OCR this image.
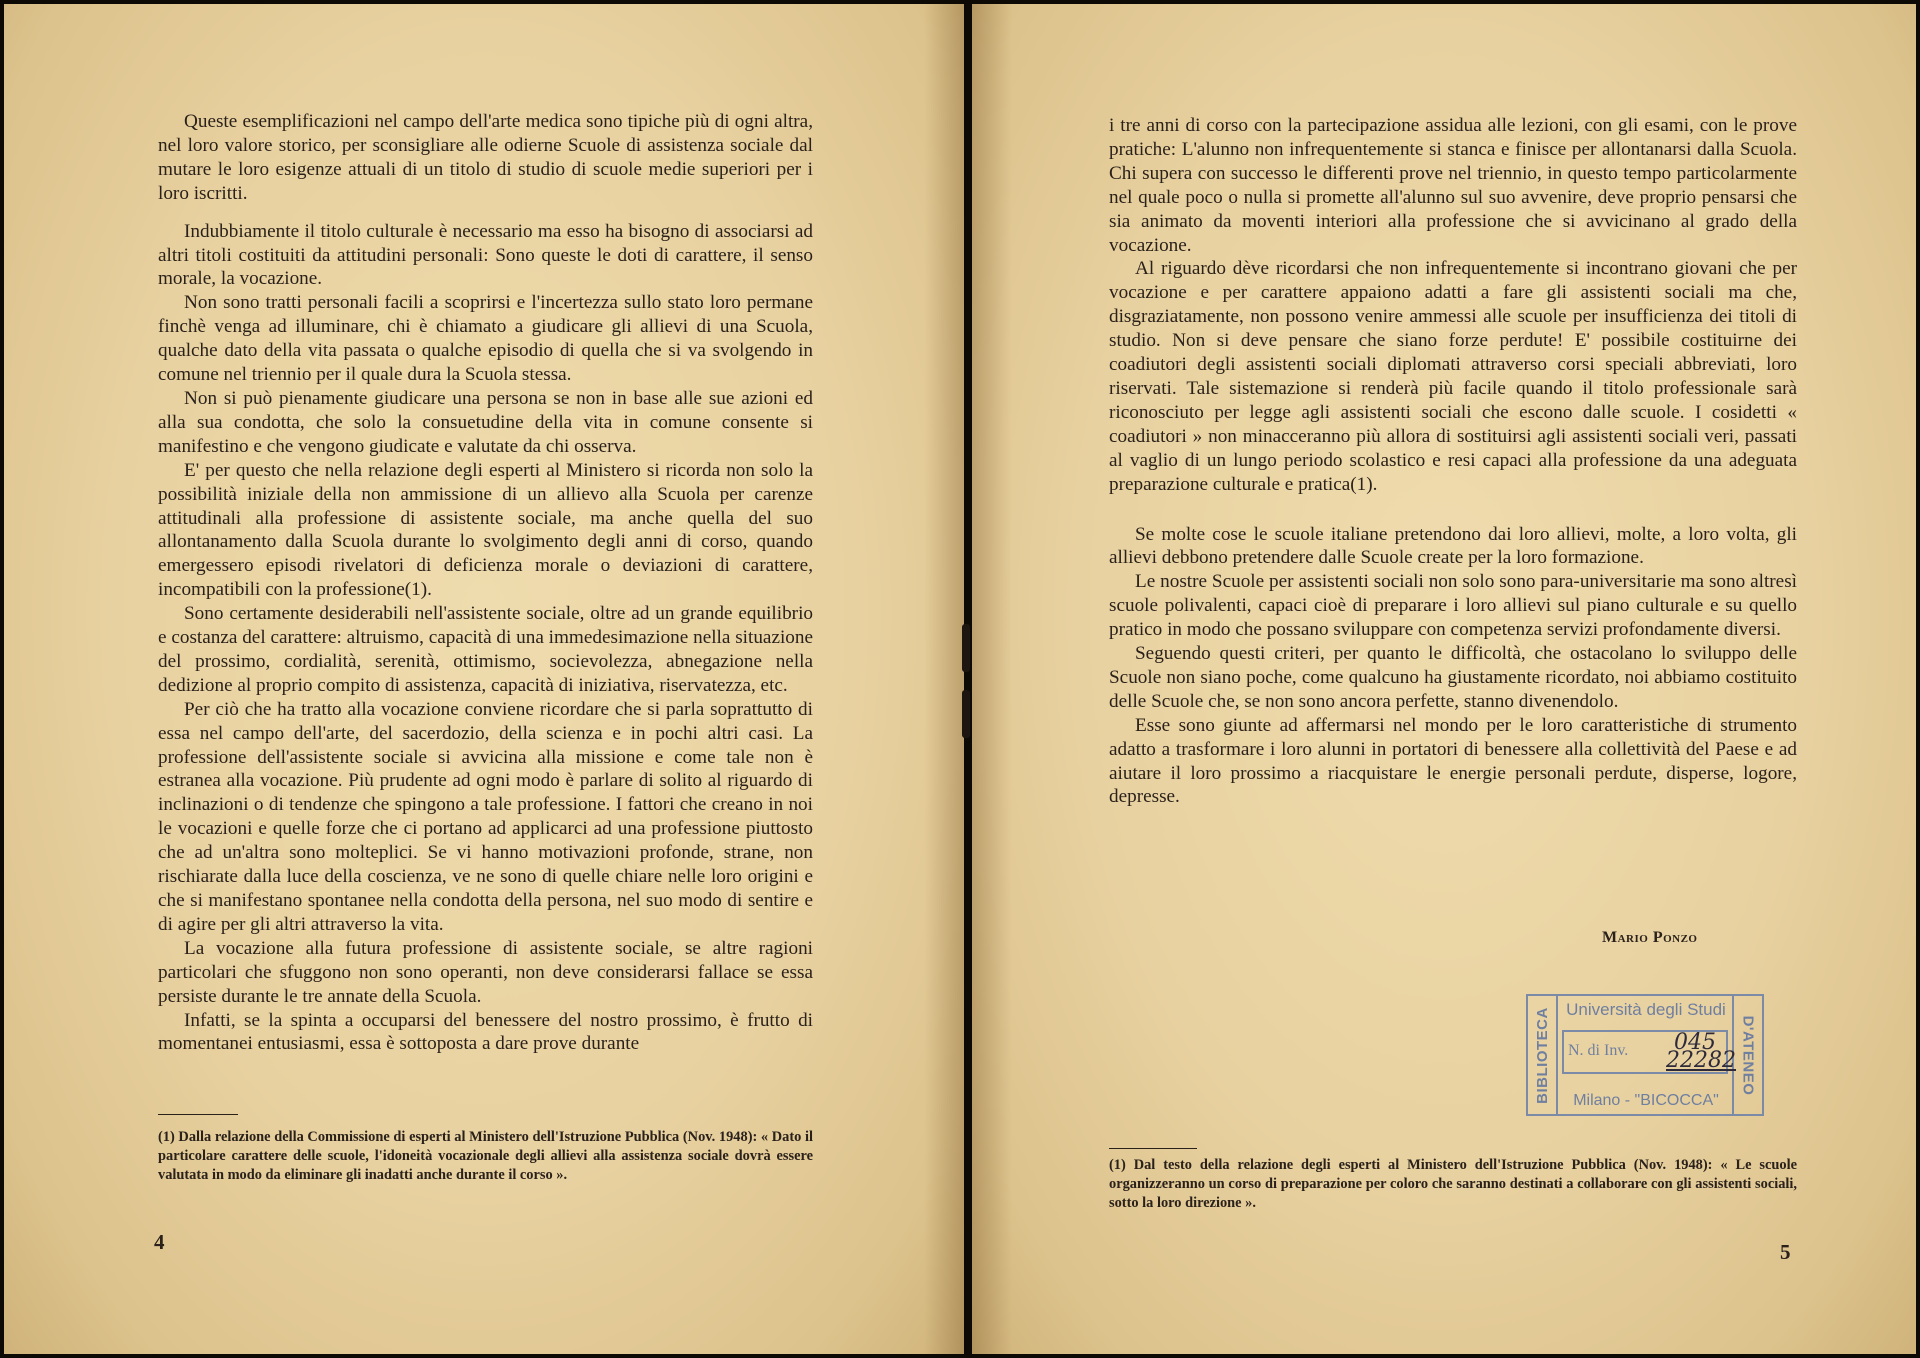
Queste esemplificazioni nel campo dell'arte medica sono tipiche più di ogni altra, nel loro valore storico, per sconsigliare alle odierne Scuole di assistenza sociale dal mutare le loro esigenze attuali di un titolo di studio di scuole medie superiori per i loro iscritti.

Indubbiamente il titolo culturale è necessario ma esso ha bisogno di associarsi ad altri titoli costituiti da attitudini personali: Sono queste le doti di carattere, il senso morale, la vocazione.

Non sono tratti personali facili a scoprirsi e l'incertezza sullo stato loro permane finchè venga ad illuminare, chi è chiamato a giudicare gli allievi di una Scuola, qualche dato della vita passata o qualche episodio di quella che si va svolgendo in comune nel triennio per il quale dura la Scuola stessa.

Non si può pienamente giudicare una persona se non in base alle sue azioni ed alla sua condotta, che solo la consuetudine della vita in comune consente si manifestino e che vengono giudicate e valutate da chi osserva.

E' per questo che nella relazione degli esperti al Ministero si ricorda non solo la possibilità iniziale della non ammissione di un allievo alla Scuola per carenze attitudinali alla professione di assistente sociale, ma anche quella del suo allontanamento dalla Scuola durante lo svolgimento degli anni di corso, quando emergessero episodi rivelatori di deficienza morale o deviazioni di carattere, incompatibili con la professione(1).

Sono certamente desiderabili nell'assistente sociale, oltre ad un grande equilibrio e costanza del carattere: altruismo, capacità di una immedesimazione nella situazione del prossimo, cordialità, serenità, ottimismo, socievolezza, abnegazione nella dedizione al proprio compito di assistenza, capacità di iniziativa, riservatezza, etc.

Per ciò che ha tratto alla vocazione conviene ricordare che si parla soprattutto di essa nel campo dell'arte, del sacerdozio, della scienza e in pochi altri casi. La professione dell'assistente sociale si avvicina alla missione e come tale non è estranea alla vocazione. Più prudente ad ogni modo è parlare di solito al riguardo di inclinazioni o di tendenze che spingono a tale professione. I fattori che creano in noi le vocazioni e quelle forze che ci portano ad applicarci ad una professione piuttosto che ad un'altra sono molteplici. Se vi hanno motivazioni profonde, strane, non rischiarate dalla luce della coscienza, ve ne sono di quelle chiare nelle loro origini e che si manifestano spontanee nella condotta della persona, nel suo modo di sentire e di agire per gli altri attraverso la vita.

La vocazione alla futura professione di assistente sociale, se altre ragioni particolari che sfuggono non sono operanti, non deve considerarsi fallace se essa persiste durante le tre annate della Scuola.

Infatti, se la spinta a occuparsi del benessere del nostro prossimo, è frutto di momentanei entusiasmi, essa è sottoposta a dare prove durante

(1) Dalla relazione della Commissione di esperti al Ministero dell'Istruzione Pubblica (Nov. 1948): « Dato il particolare carattere delle scuole, l'idoneità vocazionale degli allievi alla assistenza sociale dovrà essere valutata in modo da eliminare gli inadatti anche durante il corso ».
4

i tre anni di corso con la partecipazione assidua alle lezioni, con gli esami, con le prove pratiche: L'alunno non infrequentemente si stanca e finisce per allontanarsi dalla Scuola. Chi supera con successo le differenti prove nel triennio, in questo tempo particolarmente nel quale poco o nulla si promette all'alunno sul suo avvenire, deve proprio pensarsi che sia animato da moventi interiori alla professione che si avvicinano al grado della vocazione.

Al riguardo dève ricordarsi che non infrequentemente si incontrano giovani che per vocazione e per carattere appaiono adatti a fare gli assistenti sociali ma che, disgraziatamente, non possono venire ammessi alle scuole per insufficienza dei titoli di studio. Non si deve pensare che siano forze perdute! E' possibile costituirne dei coadiutori degli assistenti sociali diplomati attraverso corsi speciali abbreviati, loro riservati. Tale sistemazione si renderà più facile quando il titolo professionale sarà riconosciuto per legge agli assistenti sociali che escono dalle scuole. I cosidetti « coadiutori » non minacceranno più allora di sostituirsi agli assistenti sociali veri, passati al vaglio di un lungo periodo scolastico e resi capaci alla professione da una adeguata preparazione culturale e pratica(1).

Se molte cose le scuole italiane pretendono dai loro allievi, molte, a loro volta, gli allievi debbono pretendere dalle Scuole create per la loro formazione.

Le nostre Scuole per assistenti sociali non solo sono para-universitarie ma sono altresì scuole polivalenti, capaci cioè di preparare i loro allievi sul piano culturale e su quello pratico in modo che possano sviluppare con competenza servizi profondamente diversi.

Seguendo questi criteri, per quanto le difficoltà, che ostacolano lo sviluppo delle Scuole non siano poche, come qualcuno ha giustamente ricordato, noi abbiamo costituito delle Scuole che, se non sono ancora perfette, stanno divenendolo.

Esse sono giunte ad affermarsi nel mondo per le loro caratteristiche di strumento adatto a trasformare i loro alunni in portatori di benessere alla collettività del Paese e ad aiutare il loro prossimo a riacquistare le energie personali perdute, disperse, logore, depresse.

Mario Ponzo
BIBLIOTECA	D'ATENEO
Università degli Studi
N. di Inv. 045
22282
Milano - "BICOCCA"
(1) Dal testo della relazione degli esperti al Ministero dell'Istruzione Pubblica (Nov. 1948): « Le scuole organizzeranno un corso di preparazione per coloro che saranno destinati a collaborare con gli assistenti sociali, sotto la loro direzione ».
5
